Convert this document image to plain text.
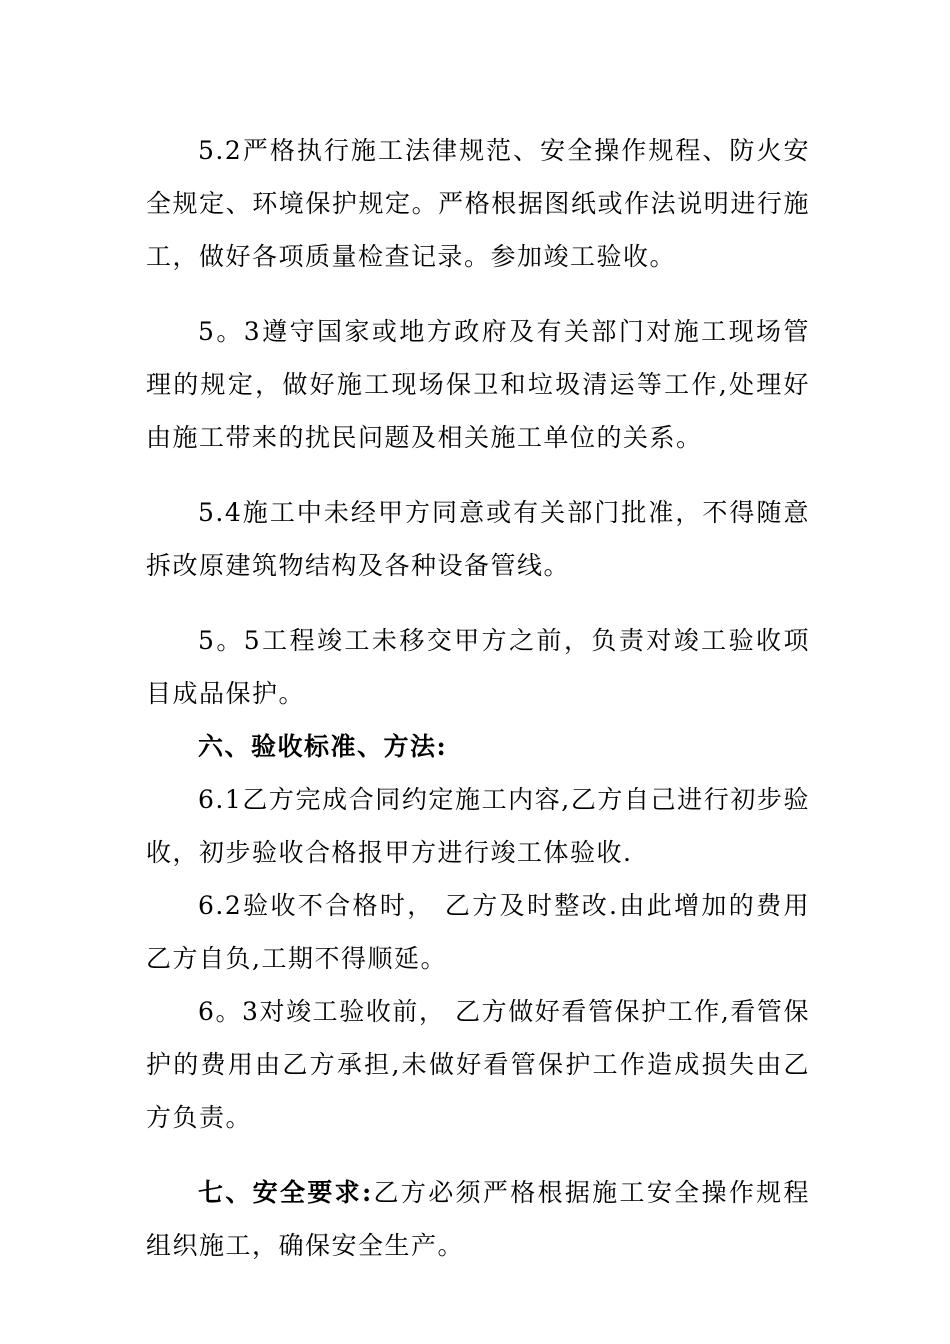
5.2严格执行施工法律规范、安全操作规程、防火安全规定、环境保护规定。严格根据图纸或作法说明进行施工，做好各项质量检查记录。参加竣工验收。

5。3遵守国家或地方政府及有关部门对施工现场管理的规定，做好施工现场保卫和垃圾清运等工作,处理好由施工带来的扰民问题及相关施工单位的关系。

5.4施工中未经甲方同意或有关部门批准，不得随意拆改原建筑物结构及各种设备管线。

5。5工程竣工未移交甲方之前，负责对竣工验收项目成品保护。

六、验收标准、方法:

6.1乙方完成合同约定施工内容,乙方自己进行初步验收，初步验收合格报甲方进行竣工体验收.

6.2验收不合格时， 乙方及时整改.由此增加的费用乙方自负,工期不得顺延。

6。3对竣工验收前， 乙方做好看管保护工作,看管保护的费用由乙方承担,未做好看管保护工作造成损失由乙方负责。

七、安全要求:乙方必须严格根据施工安全操作规程组织施工，确保安全生产。
